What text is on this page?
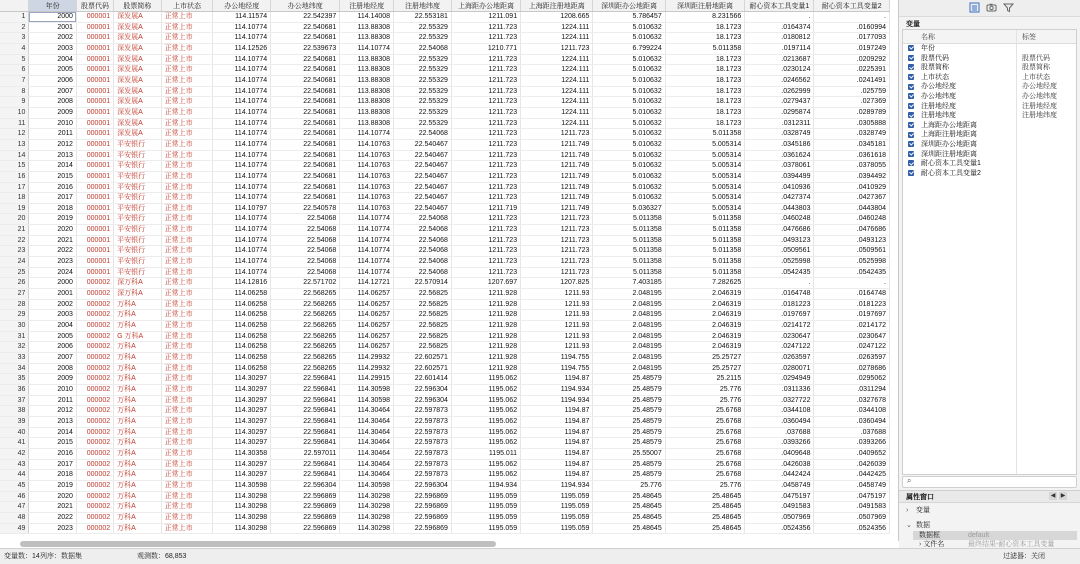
	年份	股票代码	股票简称	上市状态	办公地经度	办公地纬度	注册地经度	注册地纬度	上海距办公地距离	上海距注册地距离	深圳距办公地距离	深圳距注册地距离	耐心资本工具变量1	耐心资本工具变量2
1	2000	000001	深发展A	正常上市	114.11574	22.542397	114.14008	22.553181	1211.091	1208.665	5.786457	8.231566	.	.
2	2001	000001	深发展A	正常上市	114.10774	22.540681	113.88308	22.55329	1211.723	1224.111	5.010632	18.1723	.0164374	.0160994
3	2002	000001	深发展A	正常上市	114.10774	22.540681	113.88308	22.55329	1211.723	1224.111	5.010632	18.1723	.0180812	.0177093
4	2003	000001	深发展A	正常上市	114.12526	22.539673	114.10774	22.54068	1210.771	1211.723	6.799224	5.011358	.0197114	.0197249
5	2004	000001	深发展A	正常上市	114.10774	22.540681	113.88308	22.55329	1211.723	1224.111	5.010632	18.1723	.0213687	.0209292
6	2005	000001	深发展A	正常上市	114.10774	22.540681	113.88308	22.55329	1211.723	1224.111	5.010632	18.1723	.0230124	.0225391
7	2006	000001	深发展A	正常上市	114.10774	22.540681	113.88308	22.55329	1211.723	1224.111	5.010632	18.1723	.0246562	.0241491
8	2007	000001	深发展A	正常上市	114.10774	22.540681	113.88308	22.55329	1211.723	1224.111	5.010632	18.1723	.0262999	.025759
9	2008	000001	深发展A	正常上市	114.10774	22.540681	113.88308	22.55329	1211.723	1224.111	5.010632	18.1723	.0279437	.027369
10	2009	000001	深发展A	正常上市	114.10774	22.540681	113.88308	22.55329	1211.723	1224.111	5.010632	18.1723	.0295874	.0289789
11	2010	000001	深发展A	正常上市	114.10774	22.540681	113.88308	22.55329	1211.723	1224.111	5.010632	18.1723	.0312311	.0305888
12	2011	000001	深发展A	正常上市	114.10774	22.540681	114.10774	22.54068	1211.723	1211.723	5.010632	5.011358	.0328749	.0328749
13	2012	000001	平安银行	正常上市	114.10774	22.540681	114.10763	22.540467	1211.723	1211.749	5.010632	5.005314	.0345186	.0345181
14	2013	000001	平安银行	正常上市	114.10774	22.540681	114.10763	22.540467	1211.723	1211.749	5.010632	5.005314	.0361624	.0361618
15	2014	000001	平安银行	正常上市	114.10774	22.540681	114.10763	22.540467	1211.723	1211.749	5.010632	5.005314	.0378061	.0378055
16	2015	000001	平安银行	正常上市	114.10774	22.540681	114.10763	22.540467	1211.723	1211.749	5.010632	5.005314	.0394499	.0394492
17	2016	000001	平安银行	正常上市	114.10774	22.540681	114.10763	22.540467	1211.723	1211.749	5.010632	5.005314	.0410936	.0410929
18	2017	000001	平安银行	正常上市	114.10774	22.540681	114.10763	22.540467	1211.723	1211.749	5.010632	5.005314	.0427374	.0427367
19	2018	000001	平安银行	正常上市	114.10797	22.540578	114.10763	22.540467	1211.719	1211.749	5.036327	5.005314	.0443803	.0443804
20	2019	000001	平安银行	正常上市	114.10774	22.54068	114.10774	22.54068	1211.723	1211.723	5.011358	5.011358	.0460248	.0460248
21	2020	000001	平安银行	正常上市	114.10774	22.54068	114.10774	22.54068	1211.723	1211.723	5.011358	5.011358	.0476686	.0476686
22	2021	000001	平安银行	正常上市	114.10774	22.54068	114.10774	22.54068	1211.723	1211.723	5.011358	5.011358	.0493123	.0493123
23	2022	000001	平安银行	正常上市	114.10774	22.54068	114.10774	22.54068	1211.723	1211.723	5.011358	5.011358	.0509561	.0509561
24	2023	000001	平安银行	正常上市	114.10774	22.54068	114.10774	22.54068	1211.723	1211.723	5.011358	5.011358	.0525998	.0525998
25	2024	000001	平安银行	正常上市	114.10774	22.54068	114.10774	22.54068	1211.723	1211.723	5.011358	5.011358	.0542435	.0542435
26	2000	000002	深万科A	正常上市	114.12816	22.571702	114.12721	22.570914	1207.697	1207.825	7.403185	7.282625	.	.
27	2001	000002	深万科A	正常上市	114.06258	22.568265	114.06257	22.56825	1211.928	1211.93	2.048195	2.046319	.0164748	.0164748
28	2002	000002	万科A	正常上市	114.06258	22.568265	114.06257	22.56825	1211.928	1211.93	2.048195	2.046319	.0181223	.0181223
29	2003	000002	万科A	正常上市	114.06258	22.568265	114.06257	22.56825	1211.928	1211.93	2.048195	2.046319	.0197697	.0197697
30	2004	000002	万科A	正常上市	114.06258	22.568265	114.06257	22.56825	1211.928	1211.93	2.048195	2.046319	.0214172	.0214172
31	2005	000002	G 万科A	正常上市	114.06258	22.568265	114.06257	22.56825	1211.928	1211.93	2.048195	2.046319	.0230647	.0230647
32	2006	000002	万科A	正常上市	114.06258	22.568265	114.06257	22.56825	1211.928	1211.93	2.048195	2.046319	.0247122	.0247122
33	2007	000002	万科A	正常上市	114.06258	22.568265	114.29932	22.602571	1211.928	1194.755	2.048195	25.25727	.0263597	.0263597
34	2008	000002	万科A	正常上市	114.06258	22.568265	114.29932	22.602571	1211.928	1194.755	2.048195	25.25727	.0280071	.0278686
35	2009	000002	万科A	正常上市	114.30297	22.596841	114.29915	22.601414	1195.062	1194.87	25.48579	25.2115	.0294949	.0295062
36	2010	000002	万科A	正常上市	114.30297	22.596841	114.30598	22.596304	1195.062	1194.934	25.48579	25.776	.0311336	.0311294
37	2011	000002	万科A	正常上市	114.30297	22.596841	114.30598	22.596304	1195.062	1194.934	25.48579	25.776	.0327722	.0327678
38	2012	000002	万科A	正常上市	114.30297	22.596841	114.30464	22.597873	1195.062	1194.87	25.48579	25.6768	.0344108	.0344108
39	2013	000002	万科A	正常上市	114.30297	22.596841	114.30464	22.597873	1195.062	1194.87	25.48579	25.6768	.0360494	.0360494
40	2014	000002	万科A	正常上市	114.30297	22.596841	114.30464	22.597873	1195.062	1194.87	25.48579	25.6768	.037688	.037688
41	2015	000002	万科A	正常上市	114.30297	22.596841	114.30464	22.597873	1195.062	1194.87	25.48579	25.6768	.0393266	.0393266
42	2016	000002	万科A	正常上市	114.30358	22.597011	114.30464	22.597873	1195.011	1194.87	25.55007	25.6768	.0409648	.0409652
43	2017	000002	万科A	正常上市	114.30297	22.596841	114.30464	22.597873	1195.062	1194.87	25.48579	25.6768	.0426038	.0426039
44	2018	000002	万科A	正常上市	114.30297	22.596841	114.30464	22.597873	1195.062	1194.87	25.48579	25.6768	.0442424	.0442425
45	2019	000002	万科A	正常上市	114.30598	22.596304	114.30598	22.596304	1194.934	1194.934	25.776	25.776	.0458749	.0458749
46	2020	000002	万科A	正常上市	114.30298	22.596869	114.30298	22.596869	1195.059	1195.059	25.48645	25.48645	.0475197	.0475197
47	2021	000002	万科A	正常上市	114.30298	22.596869	114.30298	22.596869	1195.059	1195.059	25.48645	25.48645	.0491583	.0491583
48	2022	000002	万科A	正常上市	114.30298	22.596869	114.30298	22.596869	1195.059	1195.059	25.48645	25.48645	.0507969	.0507969
49	2023	000002	万科A	正常上市	114.30298	22.596869	114.30298	22.596869	1195.059	1195.059	25.48645	25.48645	.0524356	.0524356
变量
名称	标签
年份
股票代码	股票代码
股票简称	股票简称
上市状态	上市状态
办公地经度	办公地经度
办公地纬度	办公地纬度
注册地经度	注册地经度
注册地纬度	注册地纬度
上海距办公地距离
上海距注册地距离
深圳距办公地距离
深圳距注册地距离
耐心资本工具变量1
耐心资本工具变量2
⌕
属性窗口	◀ ▶
› 变量
⌄ 数据
数据框	default
› 文件名	最终结果-耐心资本工具变量
变量数：14 列序：数据集	观测数：68,853	过滤器：关闭
